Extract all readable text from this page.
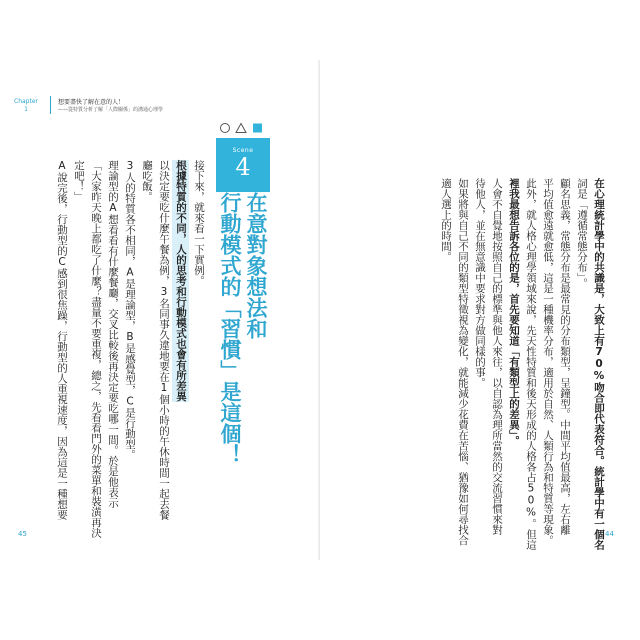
Chapter
1
想要盡快了解在意的人！
——從特質分析了解「人際關係」的溝通心理學
Scene
4
在意對象想法和
行動模式的「習慣」是這個！
接下來，就來看一下實例。
根據特質的不同，人的思考和行動模式也會有所差異
以決定要吃什麼午餐為例，3名同事久違地要在1個小時的午休時間一起去餐
廳吃飯。
3人的特質各不相同，A是理論型，B是感覺型，C是行動型。
理論型的A想看看有什麼餐廳，交叉比較後再決定要吃哪一間。於是他表示
「大家昨天晚上都吃了什麼？盡量不要重複，總之，先看看門外的菜單和裝潢再決
定吧！」
A說完後，行動型的C感到很焦躁，行動型的人重視速度，因為這是一種想要
45	在心理統計學中的共識是，大致上有70%吻合即代表符合。統計學中有一個名
詞是「遵循常態分布」。
顧名思義，常態分布是最常見的分布類型，呈鐘型。中間平均值最高，左右離
平均值愈遠就愈低，這是一種機率分布，適用於自然、人類行為和特質等現象。
此外，就人格心理學領域來說，先天性特質和後天形成的人格各占50%。但這
裡我最想告訴各位的是，首先要知道「有類型上的差異」。
人會不自覺地按照自己的標準與他人來往，以自認為理所當然的交流習慣來對
待他人，並在無意識中要求對方做同樣的事。
如果將與自己不同的類型特徵視為變化，就能減少花費在苦惱、猶豫如何尋找合
適人選上的時間。
44
